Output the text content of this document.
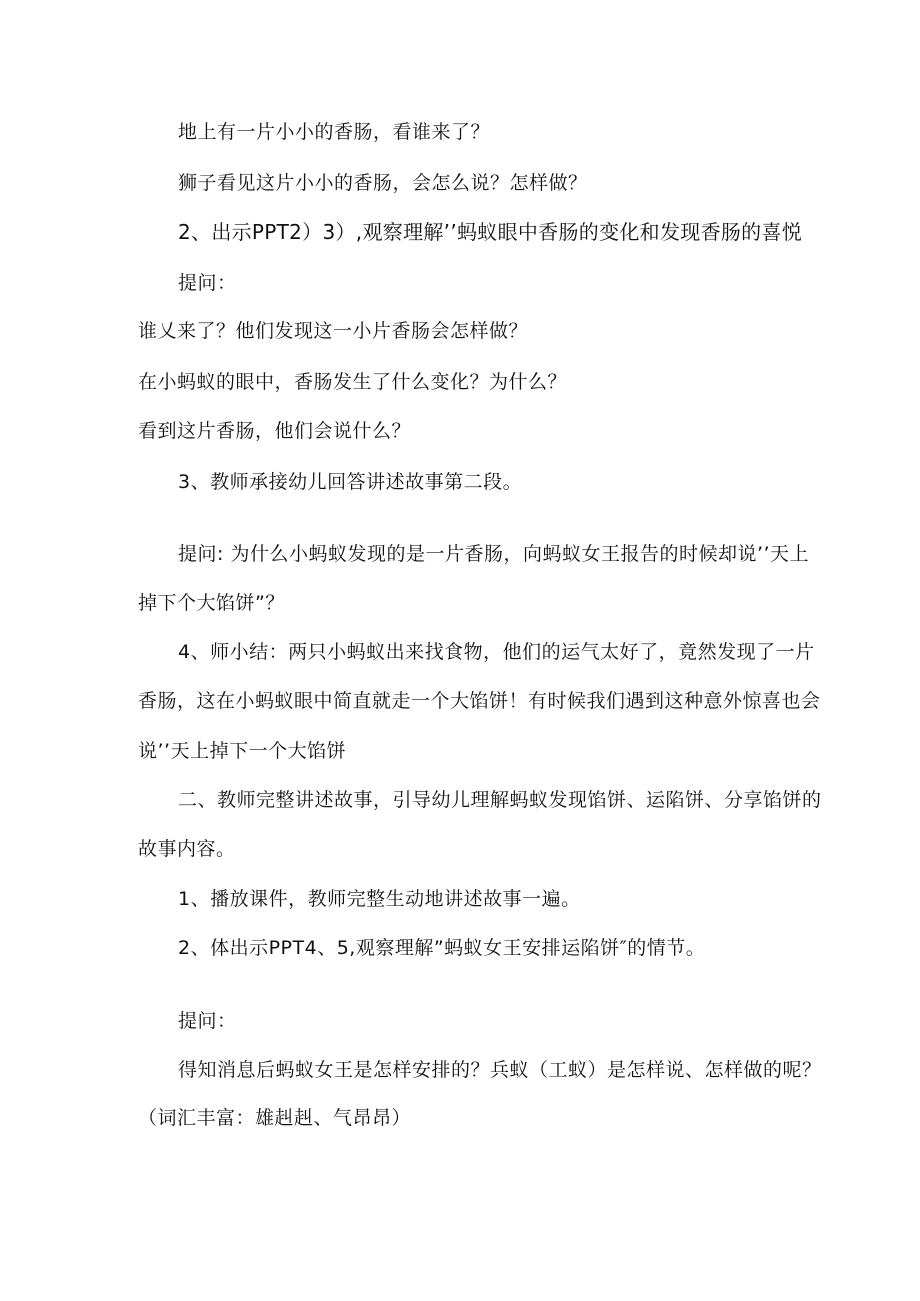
地上有一片小小的香肠，看谁来了？
狮子看见这片小小的香肠，会怎么说？怎样做？
2、出示PPT2）3）,观察理解’’蚂蚁眼中香肠的变化和发现香肠的喜悦
提问：
谁乂来了？他们发现这一小片香肠会怎样做？
在小蚂蚁的眼中，香肠发生了什么变化？为什么？
看到这片香肠，他们会说什么？
3、教师承接幼儿回答讲述故事第二段。
提问: 为什么小蚂蚁发现的是一片香肠，向蚂蚁女王报告的时候却说’’天上
掉下个大馅饼”？
4、师小结：两只小蚂蚁出来找食物，他们的运气太好了，竟然发现了一片
香肠，这在小蚂蚁眼中简直就走一个大馅饼！有时候我们遇到这种意外惊喜也会
说’’天上掉下一个大馅饼
二、教师完整讲述故事，引导幼儿理解蚂蚁发现馅饼、运陷饼、分享馅饼的
故事内容。
1、播放课件，教师完整生动地讲述故事一遍。
2、体出示PPT4、5,观察理解”蚂蚁女王安排运陷饼″的情节。
提问：
得知消息后蚂蚁女王是怎样安排的？兵蚁（工蚁）是怎样说、怎样做的呢？
（词汇丰富：雄赳赳、气昂昂）
